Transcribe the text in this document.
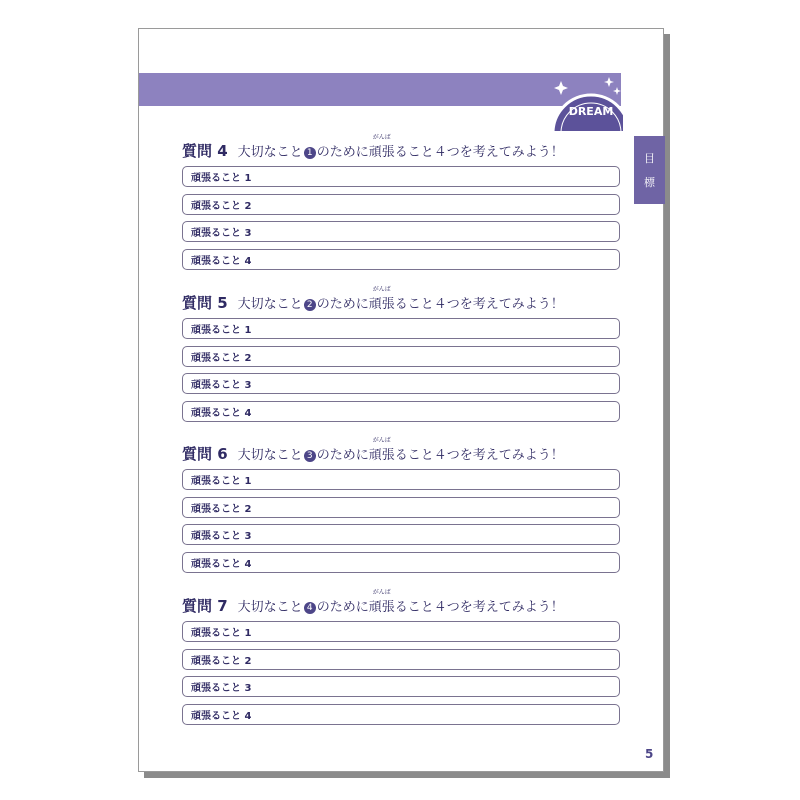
DREAM
目
標
質問 4 大切なこと 1 のために
がんば
頑張ること４つを考えてみよう！
頑張ること 1
頑張ること 2
頑張ること 3
頑張ること 4
質問 5 大切なこと 2 のために
がんば
頑張ること４つを考えてみよう！
頑張ること 1
頑張ること 2
頑張ること 3
頑張ること 4
質問 6 大切なこと 3 のために
がんば
頑張ること４つを考えてみよう！
頑張ること 1
頑張ること 2
頑張ること 3
頑張ること 4
質問 7 大切なこと 4 のために
がんば
頑張ること４つを考えてみよう！
頑張ること 1
頑張ること 2
頑張ること 3
頑張ること 4
5
